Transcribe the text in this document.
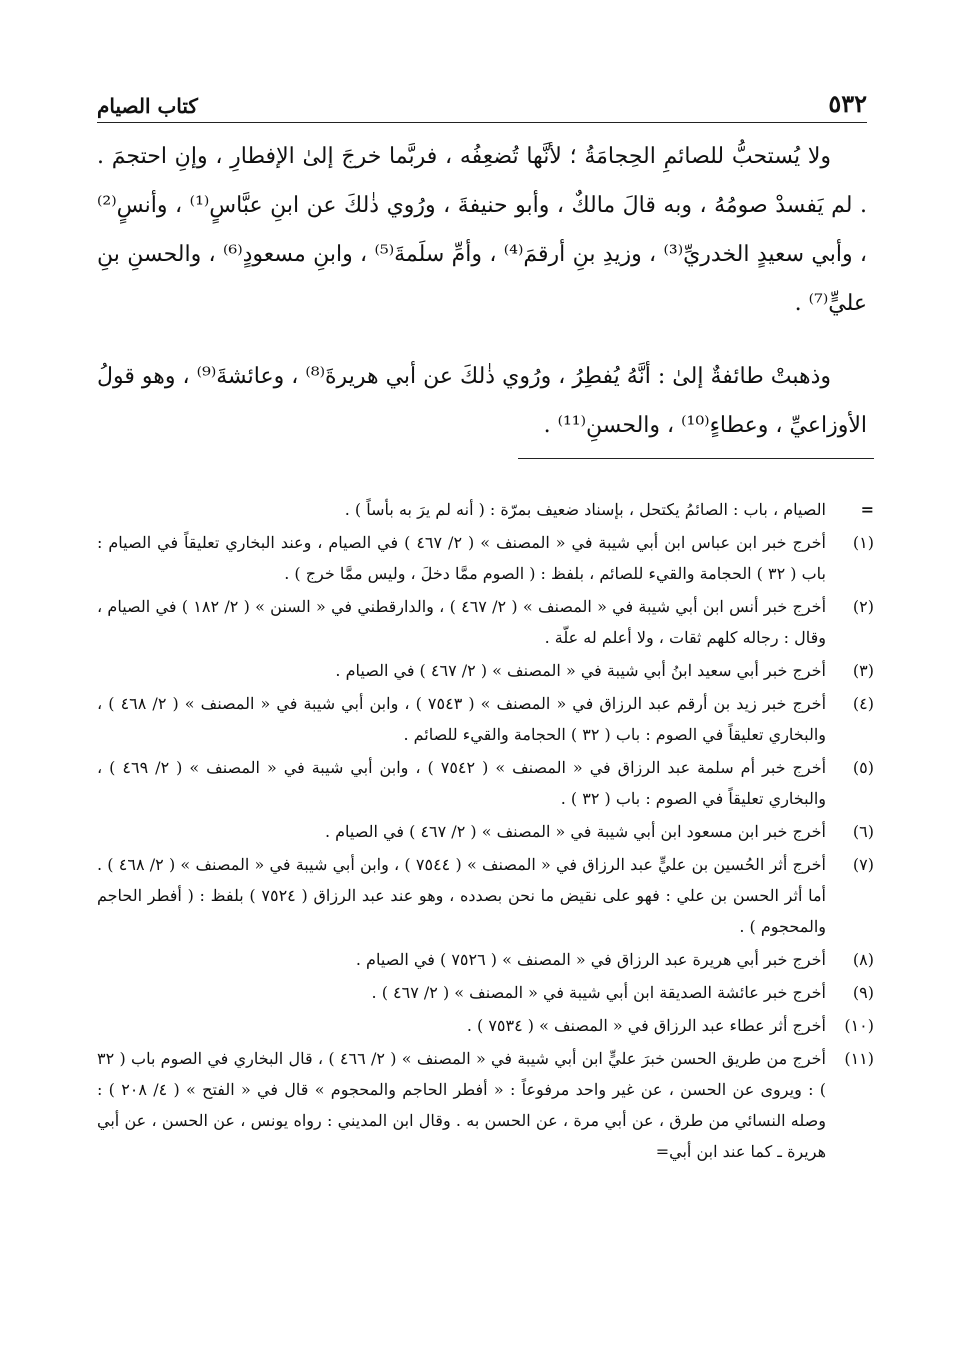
٥٣٢
كتاب الصيام

ولا يُستحبُّ للصائمِ الحِجامَةُ ؛ لأنَّها تُضعِفُه ، فربَّما خرجَ إلىٰ الإفطارِ ، وإنِ احتجمَ . . لم يَفسدْ صومُهُ ، وبه قالَ مالكٌ ، وأبو حنيفةَ ، ورُوي ذٰلكَ عن ابنِ عبَّاسٍ⁽¹⁾ ، وأنسٍ⁽²⁾ ، وأبي سعيدٍ الخدريِّ⁽³⁾ ، وزيدِ بنِ أرقمَ⁽⁴⁾ ، وأمِّ سلَمةَ⁽⁵⁾ ، وابنِ مسعودٍ⁽⁶⁾ ، والحسنِ بنِ عليٍّ⁽⁷⁾ .

وذهبتْ طائفةٌ إلىٰ : أنَّهُ يُفطِرُ ، ورُوي ذٰلكَ عن أبي هريرةَ⁽⁸⁾ ، وعائشةَ⁽⁹⁾ ، وهو قولُ الأوزاعيِّ ، وعطاءٍ⁽¹⁰⁾ ، والحسنِ⁽¹¹⁾ .

=
الصيام ، باب : الصائمُ يكتحل ، بإسناد ضعيف بمرّة : ( أنه لم يرَ به بأساً ) .
(١)
أخرج خبر ابن عباس ابن أبي شيبة في « المصنف » ( ٢/ ٤٦٧ ) في الصيام ، وعند البخاري تعليقاً في الصيام : باب ( ٣٢ ) الحجامة والقيء للصائم ، بلفظ : ( الصوم ممَّا دخلَ ، وليس ممَّا خرج ) .
(٢)
أخرج خبر أنس ابن أبي شيبة في « المصنف » ( ٢/ ٤٦٧ ) ، والدارقطني في « السنن » ( ٢/ ١٨٢ ) في الصيام ، وقال : رجاله كلهم ثقات ، ولا أعلم له علّة .
(٣)
أخرج خبر أبي سعيد ابنُ أبي شيبة في « المصنف » ( ٢/ ٤٦٧ ) في الصيام .
(٤)
أخرج خبر زيد بن أرقم عبد الرزاق في « المصنف » ( ٧٥٤٣ ) ، وابن أبي شيبة في « المصنف » ( ٢/ ٤٦٨ ) ، والبخاري تعليقاً في الصوم : باب ( ٣٢ ) الحجامة والقيء للصائم .
(٥)
أخرج خبر أم سلمة عبد الرزاق في « المصنف » ( ٧٥٤٢ ) ، وابن أبي شيبة في « المصنف » ( ٢/ ٤٦٩ ) ، والبخاري تعليقاً في الصوم : باب ( ٣٢ ) .
(٦)
أخرج خبر ابن مسعود ابن أبي شيبة في « المصنف » ( ٢/ ٤٦٧ ) في الصيام .
(٧)
أخرج أثر الحُسين بن عليٍّ عبد الرزاق في « المصنف » ( ٧٥٤٤ ) ، وابن أبي شيبة في « المصنف » ( ٢/ ٤٦٨ ) . أما أثر الحسن بن علي : فهو على نقيض ما نحن بصدده ، وهو عند عبد الرزاق ( ٧٥٢٤ ) بلفظ : ( أفطر الحاجم والمحجوم ) .
(٨)
أخرج خبر أبي هريرة عبد الرزاق في « المصنف » ( ٧٥٢٦ ) في الصيام .
(٩)
أخرج خبر عائشة الصديقة ابن أبي شيبة في « المصنف » ( ٢/ ٤٦٧ ) .
(١٠)
أخرج أثر عطاء عبد الرزاق في « المصنف » ( ٧٥٣٤ ) .
(١١)
أخرج من طريق الحسن خبرَ عليٍّ ابن أبي شيبة في « المصنف » ( ٢/ ٤٦٦ ) ، قال البخاري في الصوم باب ( ٣٢ ) : ويروى عن الحسن ، عن غير واحد مرفوعاً : « أفطر الحاجم والمحجوم » قال في « الفتح » ( ٤/ ٢٠٨ ) : وصله النسائي من طرق ، عن أبي مرة ، عن الحسن به . وقال ابن المديني : رواه يونس ، عن الحسن ، عن أبي هريرة ـ كما عند ابن أبي=
